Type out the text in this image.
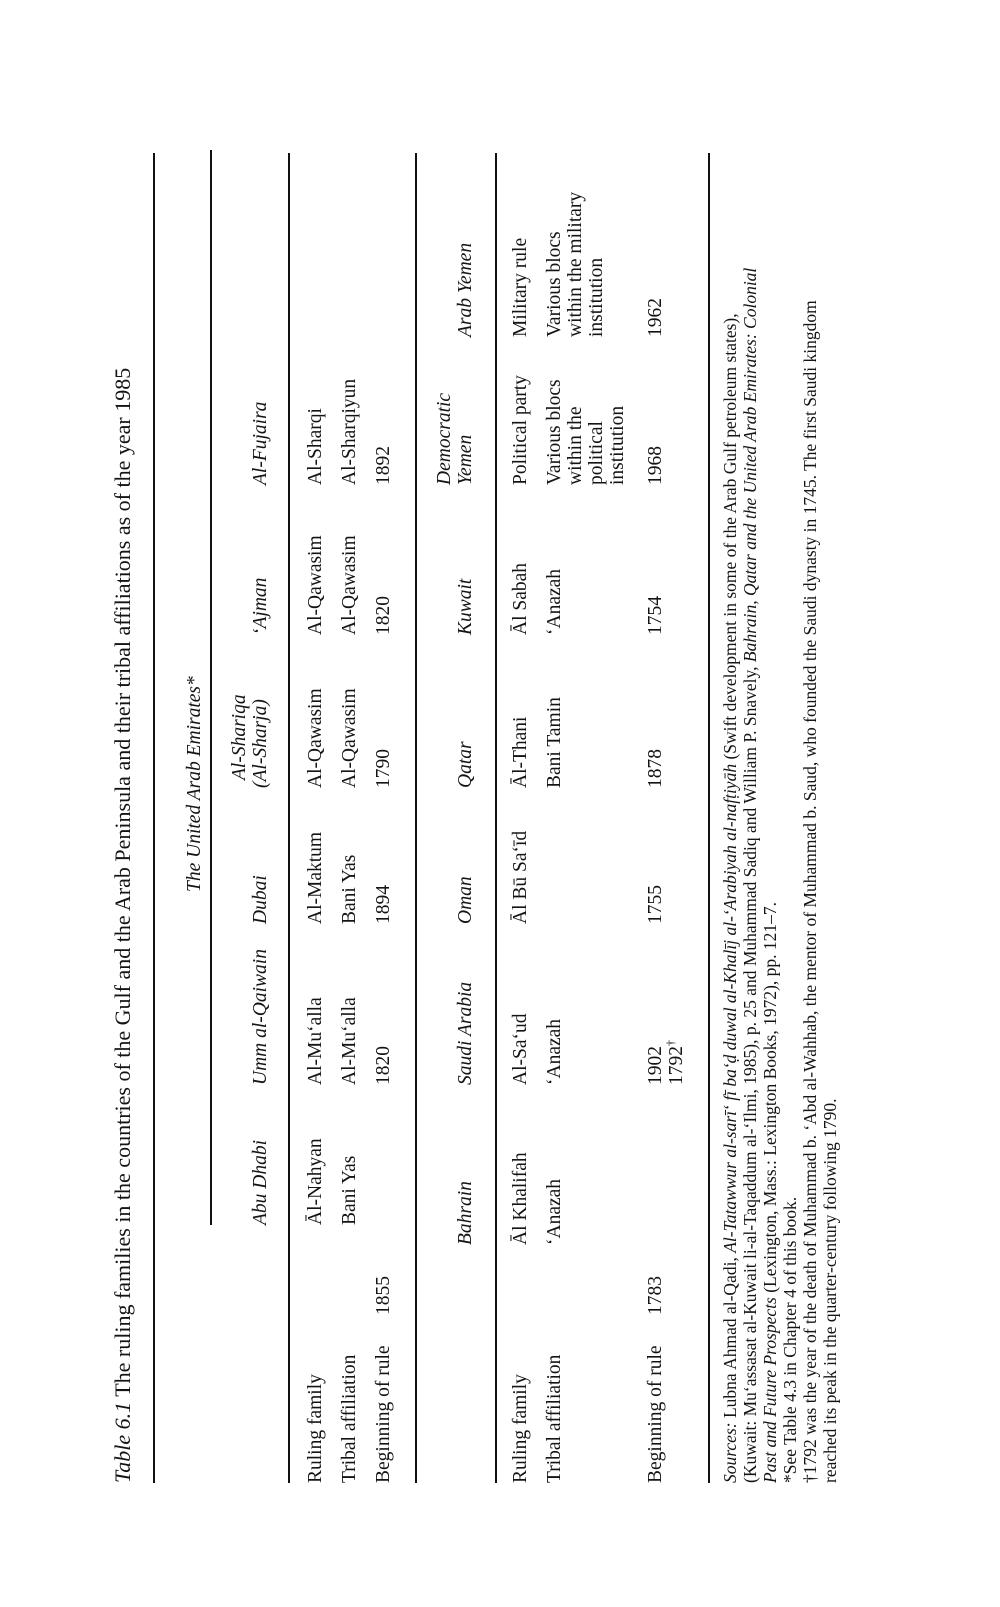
Table 6.1 The ruling families in the countries of the Gulf and the Arab Peninsula and their tribal affiliations as of the year 1985	The United Arab Emirates*
Abu Dhabi
Umm al-Qaiwain
Dubai
Al-Shariqa (Al-Sharja)
‘Ajman
Al-Fujaira
Ruling family Tribal affiliation Beginning of rule
Āl-Nahyan
Al-Mu‘alla
Al-Maktum
Al-Qawasim
Al-Qawasim
Al-Sharqi
Bani Yas
Al-Mu‘alla
Bani Yas
Al-Qawasim
Al-Qawasim
Al-Sharqiyun
1855
1820
1894
1790
1820
1892
Bahrain
Saudi Arabia
Oman
Qatar
Kuwait
Democratic Yemen
Arab Yemen
Ruling family Tribal affiliation	Beginning of rule
Āl Khalifah
Al-Sa‘ud
Āl Bū Sa‘īd
Āl-Thani
Āl Sabah
Political party
Military rule
‘Anazah
‘Anazah
Bani Tamin
‘Anazah
Various blocs within the political institution
Various blocs within the military institution
1783
1902 1792†
1755
1878
1754
1968
1962

Sources: Lubna Ahmad al-Qadi, Al-Tatawwur al-sarī‘ fī ba‘ḍ duwal al-Khalīj al-‘Arabiyah al-nafṭiyāh (Swift development in some of the Arab Gulf petroleum states), (Kuwait: Mu‘assasat al-Kuwait li-al-Taqaddum al-‘Ilmi, 1985), p. 25 and Muhammad Sadiq and William P. Snavely, Bahrain, Qatar and the United Arab Emirates: Colonial Past and Future Prospects (Lexington, Mass.: Lexington Books, 1972), pp. 121–7.

*See Table 4.3 in Chapter 4 of this book. †1792 was the year of the death of Muhammad b. ‘Abd al-Wahhab, the mentor of Muhammad b. Saud, who founded the Saudi dynasty in 1745. The first Saudi kingdom reached its peak in the quarter-century following 1790.
